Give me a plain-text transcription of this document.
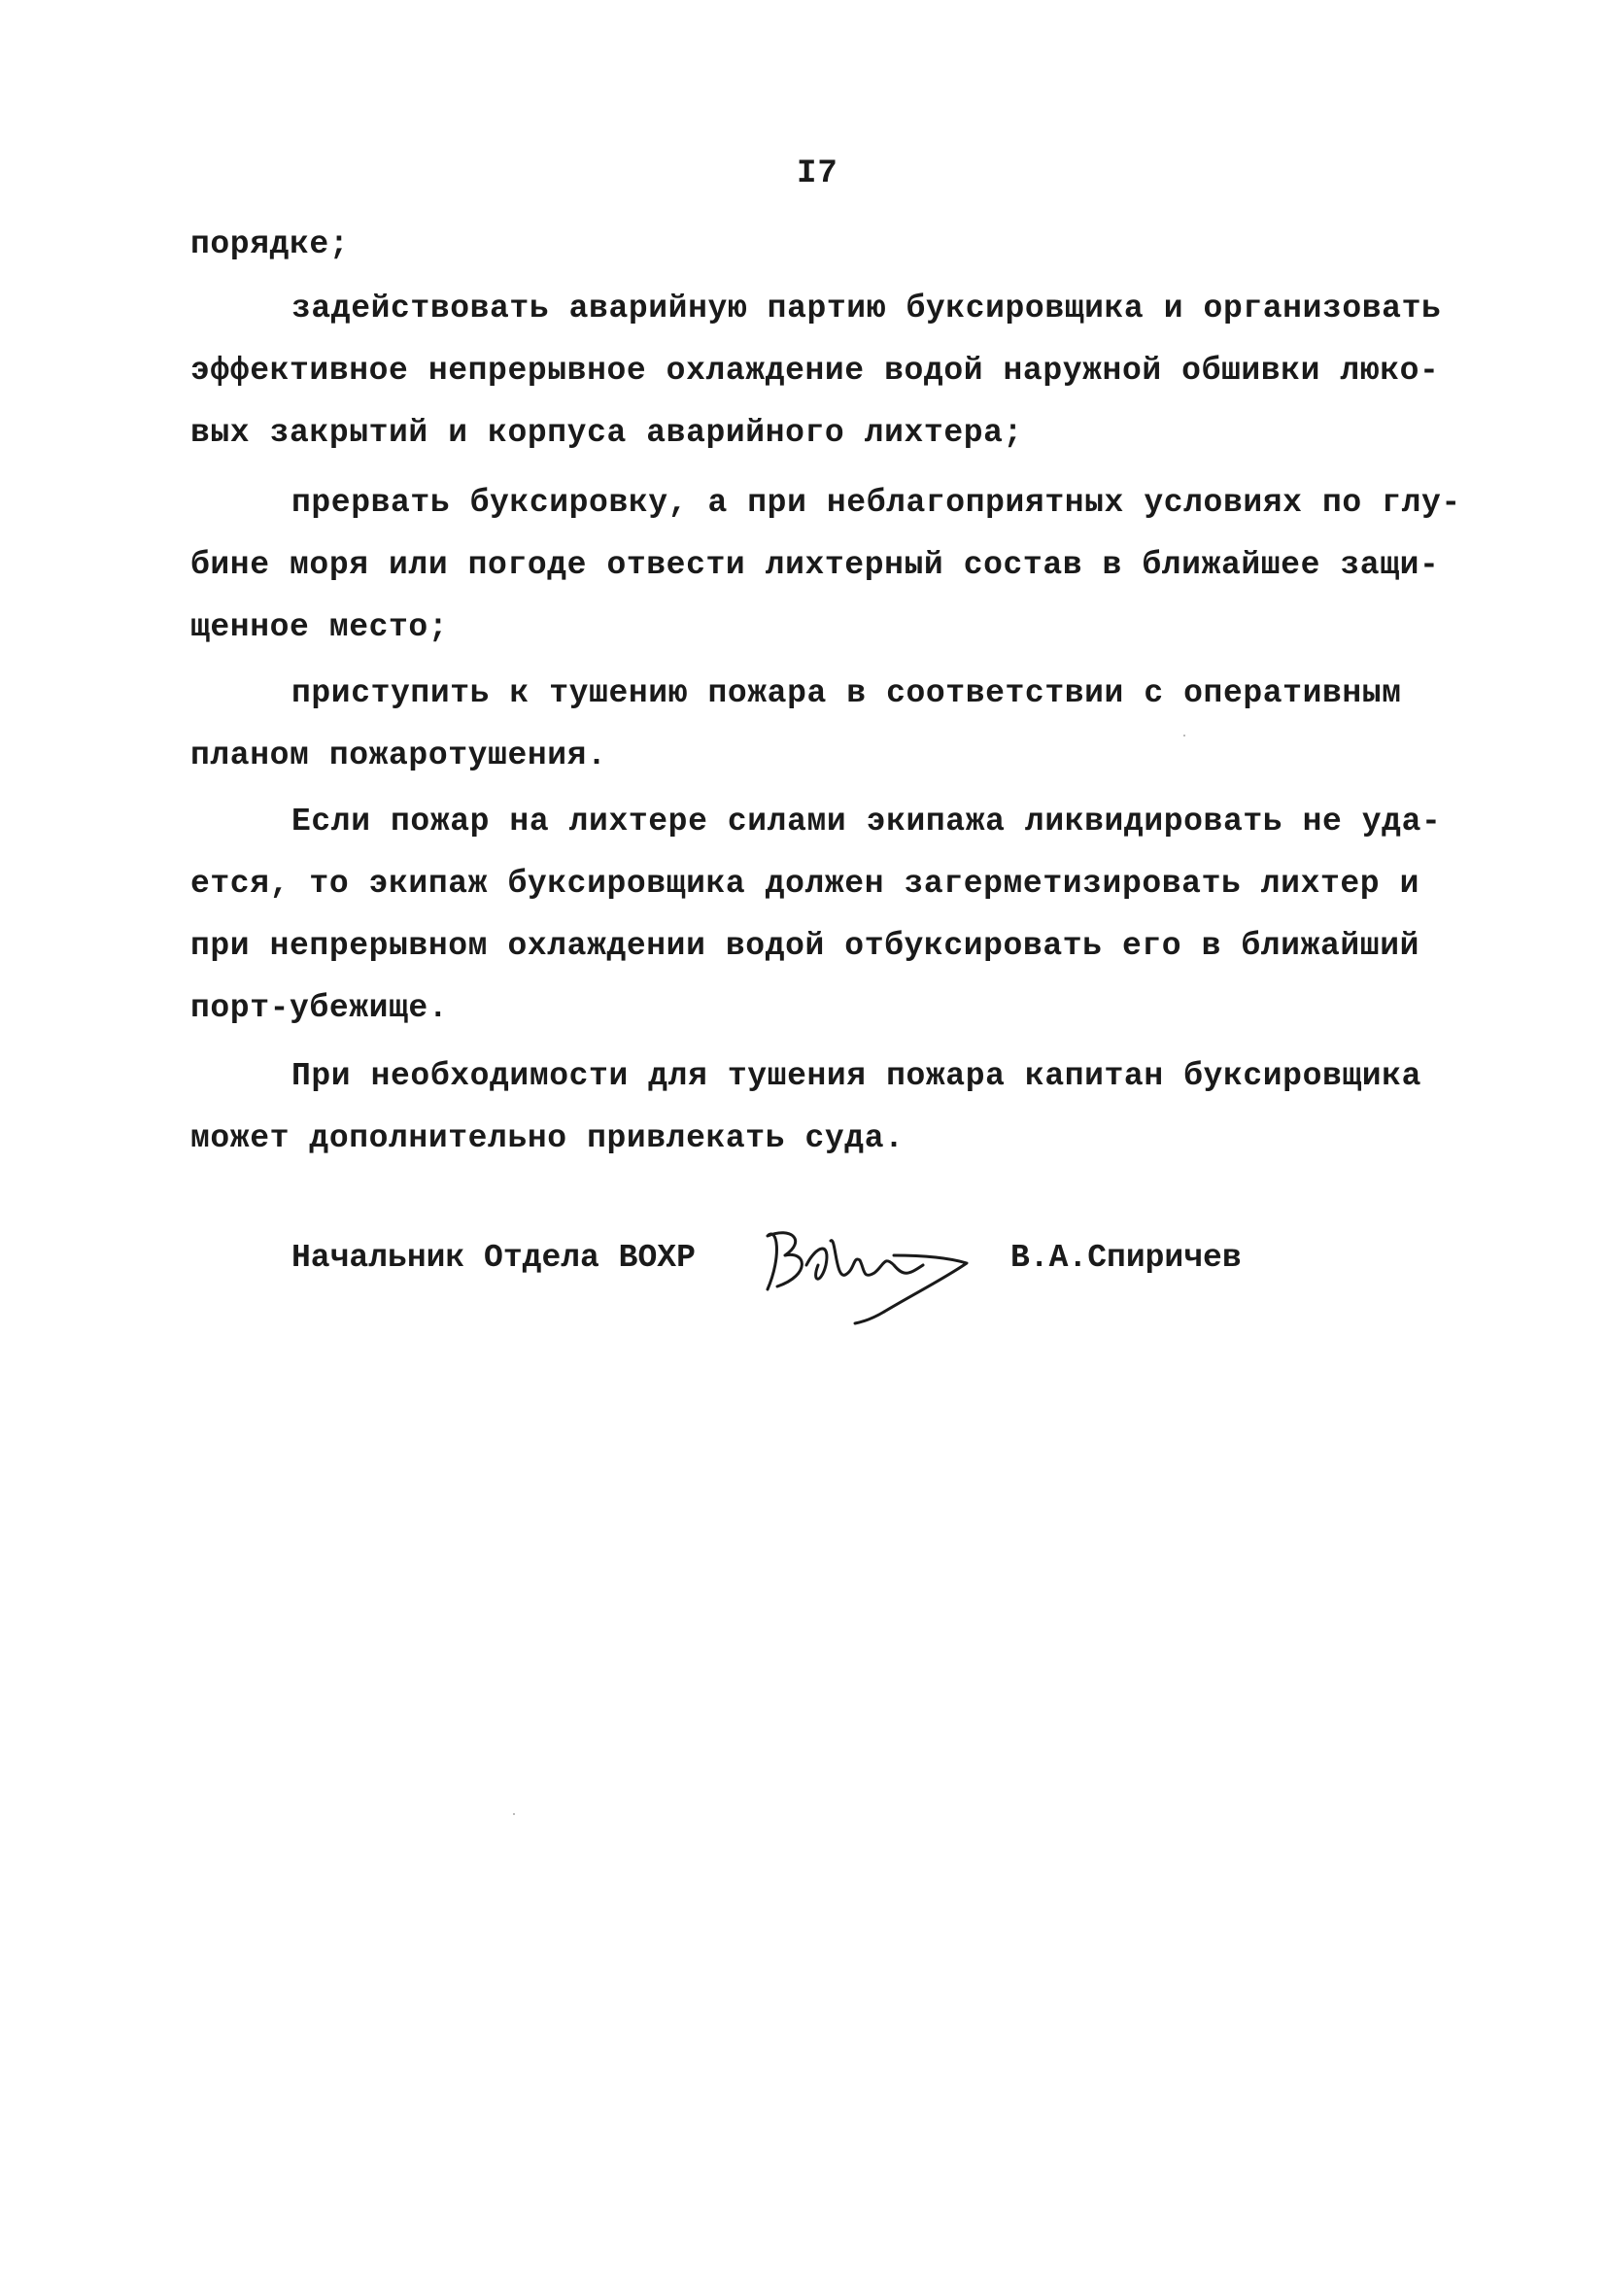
I7
порядке;
задействовать аварийную партию буксировщика и организовать
эффективное непрерывное охлаждение водой наружной обшивки люко-
вых закрытий и корпуса аварийного лихтера;
прервать буксировку, а при неблагоприятных условиях по глу-
бине моря или погоде отвести лихтерный состав в ближайшее защи-
щенное место;
приступить к тушению пожара в соответствии с оперативным
планом пожаротушения.
Если пожар на лихтере силами экипажа ликвидировать не уда-
ется, то экипаж буксировщика должен загерметизировать лихтер и
при непрерывном охлаждении водой отбуксировать его в ближайший
порт-убежище.
При необходимости для тушения пожара капитан буксировщика
может дополнительно привлекать суда.
Начальник Отдела ВОХР	В.А.Спиричев
